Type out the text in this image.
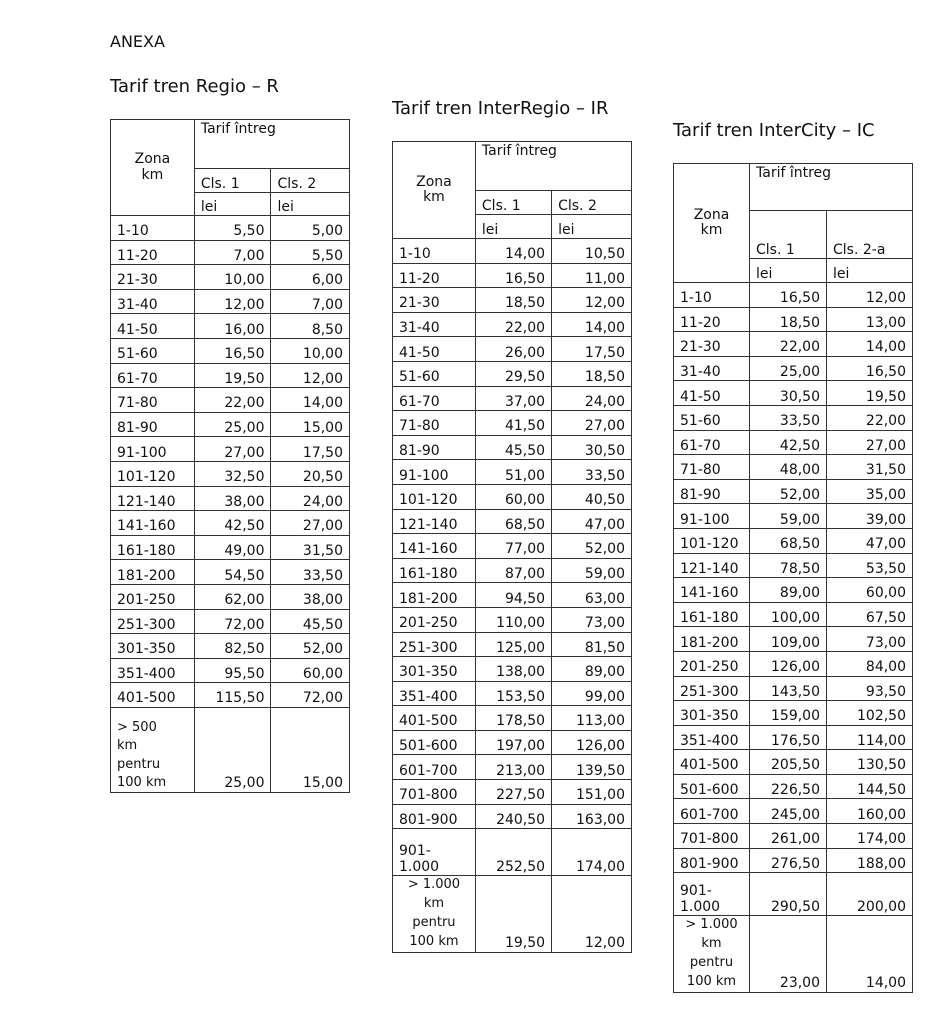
ANEXA
Tarif tren Regio – R
Tarif tren InterRegio – IR
Tarif tren InterCity – IC
Zona
km	Tarif întreg	
	Cls. 1	Cls. 2
	lei	lei
1-10	5,50	5,00
11-20	7,00	5,50
21-30	10,00	6,00
31-40	12,00	7,00
41-50	16,00	8,50
51-60	16,50	10,00
61-70	19,50	12,00
71-80	22,00	14,00
81-90	25,00	15,00
91-100	27,00	17,50
101-120	32,50	20,50
121-140	38,00	24,00
141-160	42,50	27,00
161-180	49,00	31,50
181-200	54,50	33,50
201-250	62,00	38,00
251-300	72,00	45,50
301-350	82,50	52,00
351-400	95,50	60,00
401-500	115,50	72,00

> 500
km
pentru
100 km	25,00	15,00
Zona
km	Tarif întreg	
	Cls. 1	Cls. 2
	lei	lei
1-10	14,00	10,50
11-20	16,50	11,00
21-30	18,50	12,00
31-40	22,00	14,00
41-50	26,00	17,50
51-60	29,50	18,50
61-70	37,00	24,00
71-80	41,50	27,00
81-90	45,50	30,50
91-100	51,00	33,50
101-120	60,00	40,50
121-140	68,50	47,00
141-160	77,00	52,00
161-180	87,00	59,00
181-200	94,50	63,00
201-250	110,00	73,00
251-300	125,00	81,50
301-350	138,00	89,00
351-400	153,50	99,00
401-500	178,50	113,00
501-600	197,00	126,00
601-700	213,00	139,50
701-800	227,50	151,00
801-900	240,50	163,00

901-
1.000	252,50	174,00

> 1.000
km
pentru
100 km	19,50	12,00
Zona
km	Tarif întreg	
	Cls. 1	Cls. 2-a
	lei	lei
1-10	16,50	12,00
11-20	18,50	13,00
21-30	22,00	14,00
31-40	25,00	16,50
41-50	30,50	19,50
51-60	33,50	22,00
61-70	42,50	27,00
71-80	48,00	31,50
81-90	52,00	35,00
91-100	59,00	39,00
101-120	68,50	47,00
121-140	78,50	53,50
141-160	89,00	60,00
161-180	100,00	67,50
181-200	109,00	73,00
201-250	126,00	84,00
251-300	143,50	93,50
301-350	159,00	102,50
351-400	176,50	114,00
401-500	205,50	130,50
501-600	226,50	144,50
601-700	245,00	160,00
701-800	261,00	174,00
801-900	276,50	188,00

901-
1.000	290,50	200,00

> 1.000
km
pentru
100 km	23,00	14,00
